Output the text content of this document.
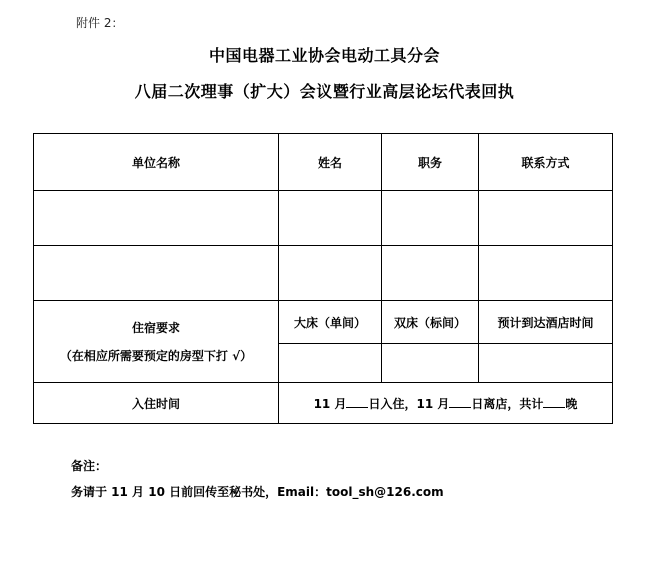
附件 2：
中国电器工业协会电动工具分会
八届二次理事（扩大）会议暨行业高层论坛代表回执
单位名称	姓名	职务	联系方式

住宿要求
（在相应所需要预定的房型下打 √）	大床（单间）	双床（标间）	预计到达酒店时间

入住时间	11 月 日入住，11 月 日离店，共计 晚		
备注：
务请于 11 月 10 日前回传至秘书处，Email：tool_sh@126.com
